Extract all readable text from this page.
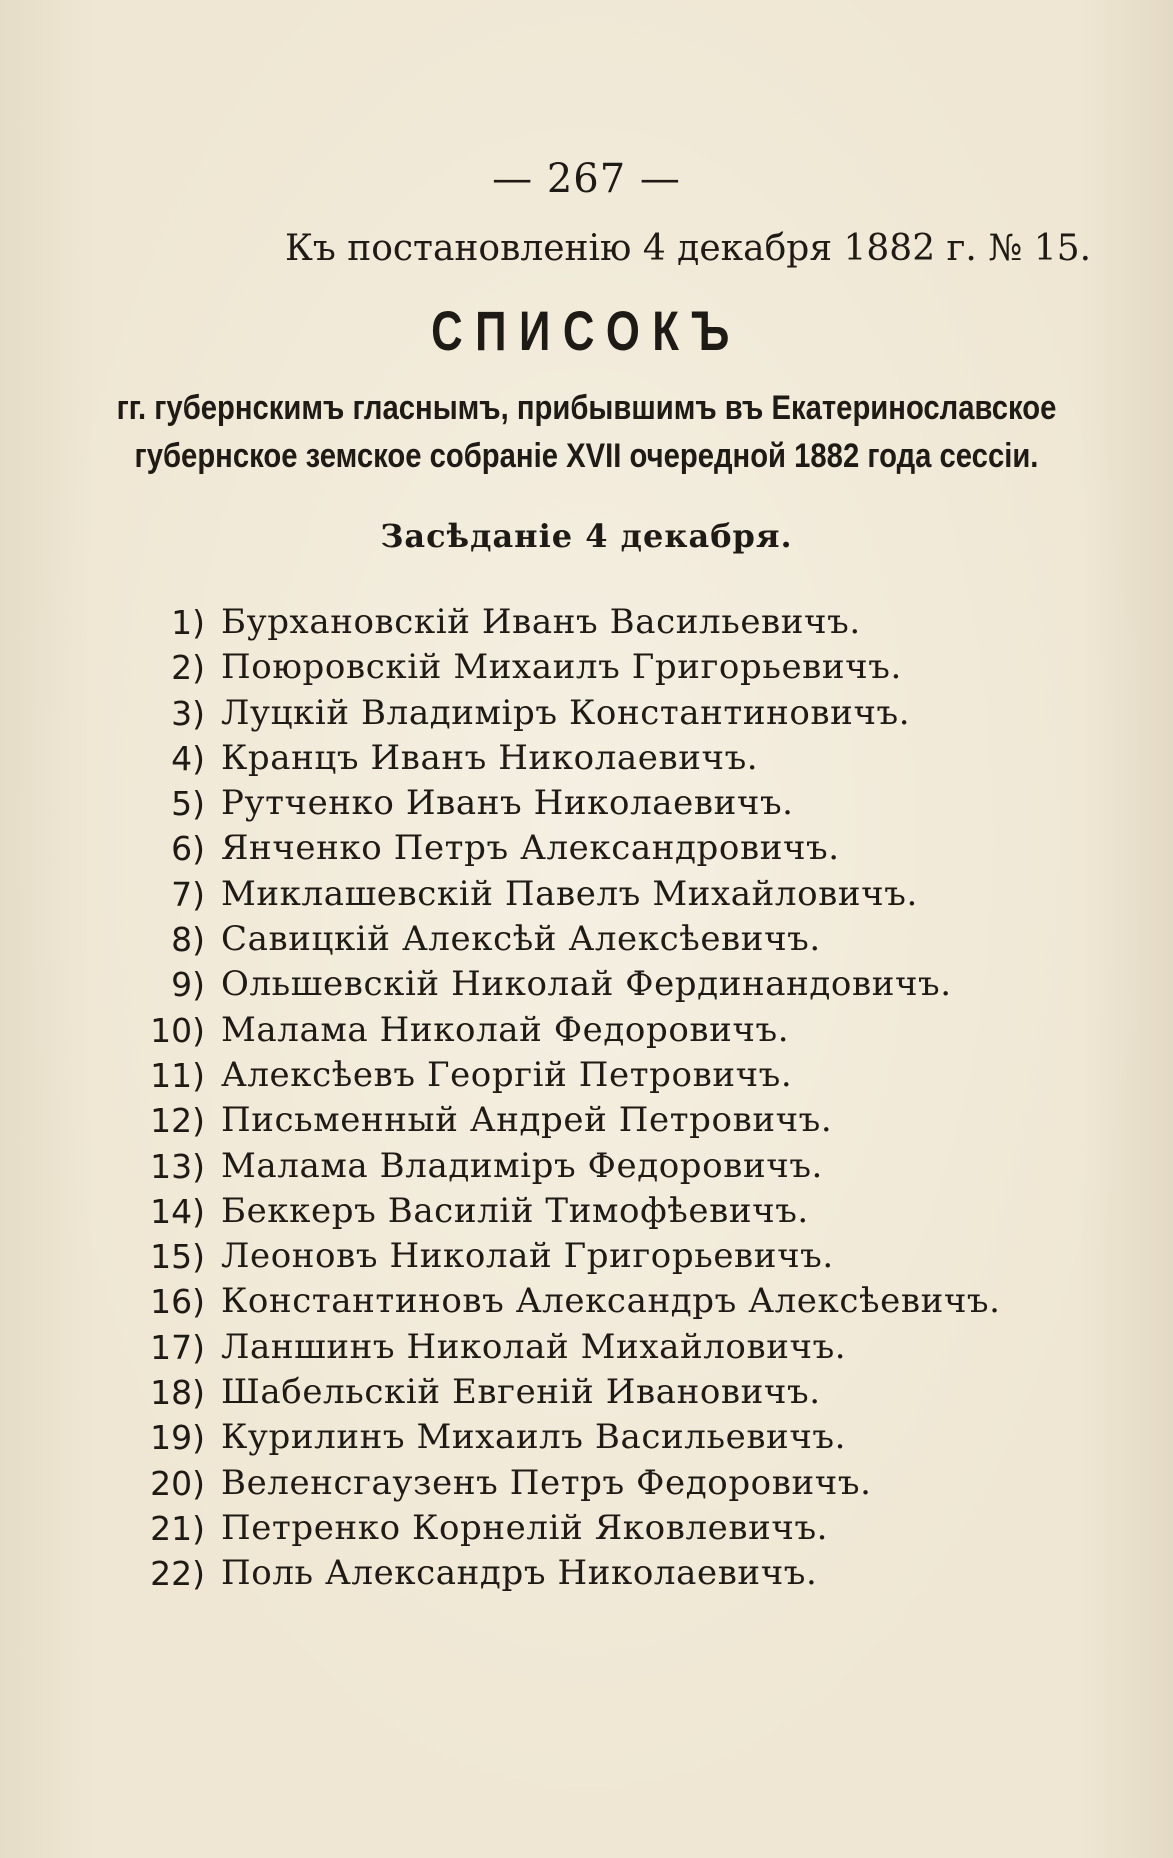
— 267 —
Къ постановленію 4 декабря 1882 г. № 15.
СПИСОКЪ
гг. губернскимъ гласнымъ, прибывшимъ въ Екатеринославское
губернское земское собраніе XVII очередной 1882 года сессіи.
Засѣданіе 4 декабря.
1) Бурхановскій Иванъ Васильевичъ.
2) Поюровскій Михаилъ Григорьевичъ.
3) Луцкій Владиміръ Константиновичъ.
4) Кранцъ Иванъ Николаевичъ.
5) Рутченко Иванъ Николаевичъ.
6) Янченко Петръ Александровичъ.
7) Миклашевскій Павелъ Михайловичъ.
8) Савицкій Алексѣй Алексѣевичъ.
9) Ольшевскій Николай Фердинандовичъ.
10) Малама Николай Федоровичъ.
11) Алексѣевъ Георгій Петровичъ.
12) Письменный Андрей Петровичъ.
13) Малама Владиміръ Федоровичъ.
14) Беккеръ Василій Тимофѣевичъ.
15) Леоновъ Николай Григорьевичъ.
16) Константиновъ Александръ Алексѣевичъ.
17) Ланшинъ Николай Михайловичъ.
18) Шабельскій Евгеній Ивановичъ.
19) Курилинъ Михаилъ Васильевичъ.
20) Веленсгаузенъ Петръ Федоровичъ.
21) Петренко Корнелій Яковлевичъ.
22) Поль Александръ Николаевичъ.
